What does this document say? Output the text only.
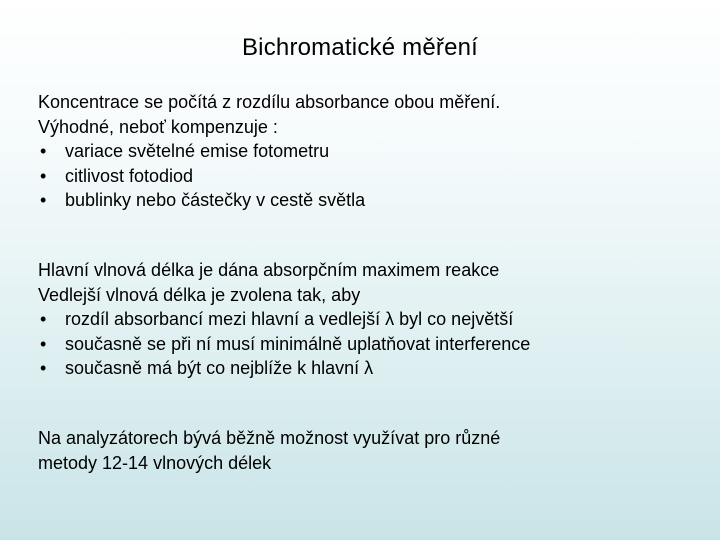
Bichromatické měření

Koncentrace se počítá z rozdílu absorbance obou měření.

Výhodné, neboť kompenzuje :

• variace světelné emise fotometru
• citlivost fotodiod
• bublinky nebo částečky v cestě světla

Hlavní vlnová délka je dána absorpčním maximem reakce

Vedlejší vlnová délka je zvolena tak, aby

• rozdíl absorbancí mezi hlavní a vedlejší λ byl co největší
• současně se při ní musí minimálně uplatňovat interference
• současně má být co nejblíže k hlavní λ

Na analyzátorech bývá běžně možnost využívat pro různé

metody 12-14 vlnových délek
